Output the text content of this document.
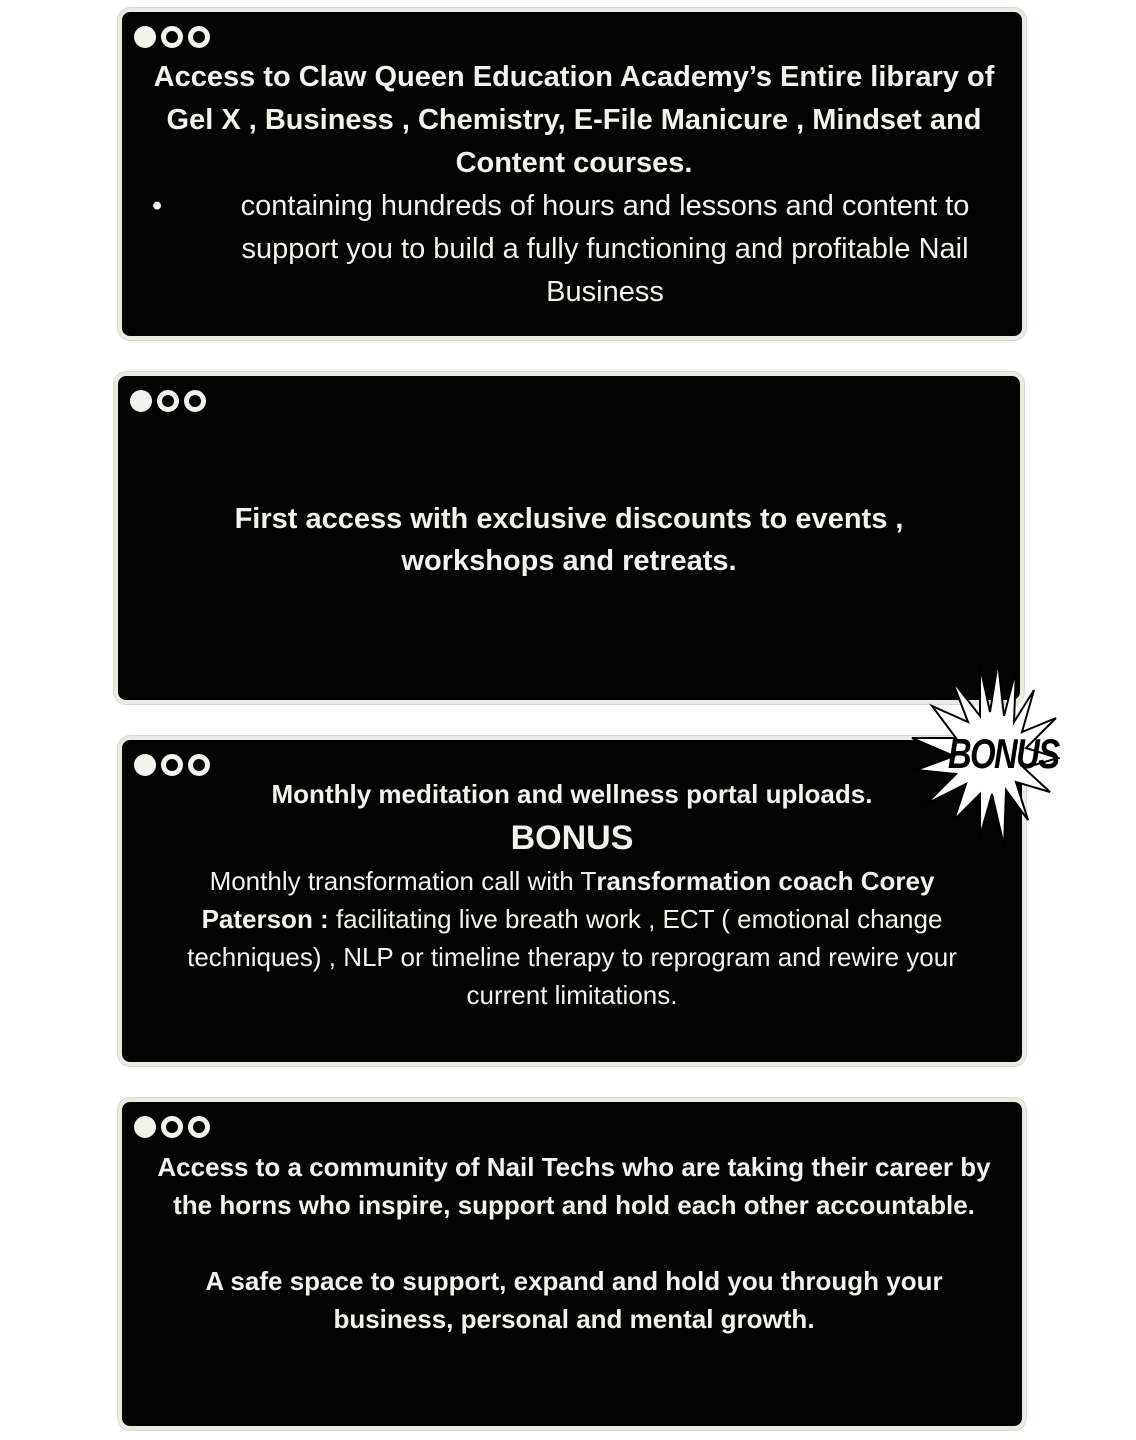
Access to Claw Queen Education Academy’s Entire library of Gel X , Business , Chemistry, E-File Manicure , Mindset and Content courses.
•	containing hundreds of hours and lessons and content to support you to build a fully functioning and profitable Nail Business
First access with exclusive discounts to events , workshops and retreats.
Monthly meditation and wellness portal uploads.
BONUS
Monthly transformation call with Transformation coach Corey Paterson : facilitating live breath work , ECT ( emotional change techniques) , NLP or timeline therapy to reprogram and rewire your current limitations.
Access to a community of Nail Techs who are taking their career by the horns who inspire, support and hold each other accountable.
A safe space to support, expand and hold you through your business, personal and mental growth.
BONUS
